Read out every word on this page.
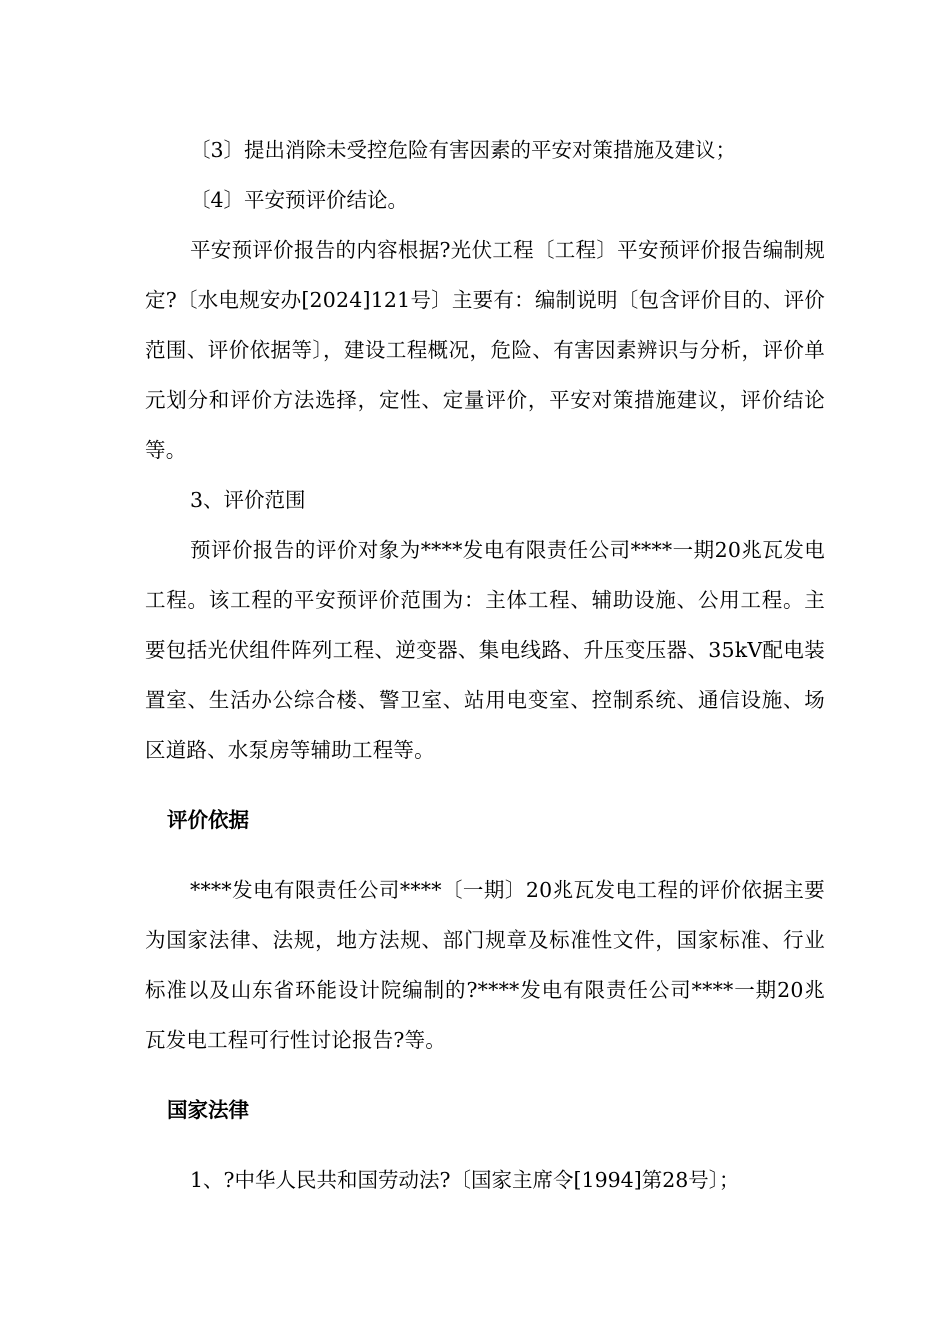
〔3〕提出消除未受控危险有害因素的平安对策措施及建议；

〔4〕平安预评价结论。

平安预评价报告的内容根据?光伏工程〔工程〕平安预评价报告编制规定?〔水电规安办[2024]121号〕主要有：编制说明〔包含评价目的、评价范围、评价依据等〕，建设工程概况，危险、有害因素辨识与分析，评价单元划分和评价方法选择，定性、定量评价，平安对策措施建议，评价结论等。

3、评价范围

预评价报告的评价对象为****发电有限责任公司****一期20兆瓦发电工程。该工程的平安预评价范围为：主体工程、辅助设施、公用工程。主要包括光伏组件阵列工程、逆变器、集电线路、升压变压器、35kV配电装置室、生活办公综合楼、警卫室、站用电变室、控制系统、通信设施、场区道路、水泵房等辅助工程等。

评价依据

****发电有限责任公司****〔一期〕20兆瓦发电工程的评价依据主要为国家法律、法规，地方法规、部门规章及标准性文件，国家标准、行业标准以及山东省环能设计院编制的?****发电有限责任公司****一期20兆瓦发电工程可行性讨论报告?等。

国家法律

1、?中华人民共和国劳动法?〔国家主席令[1994]第28号〕；
